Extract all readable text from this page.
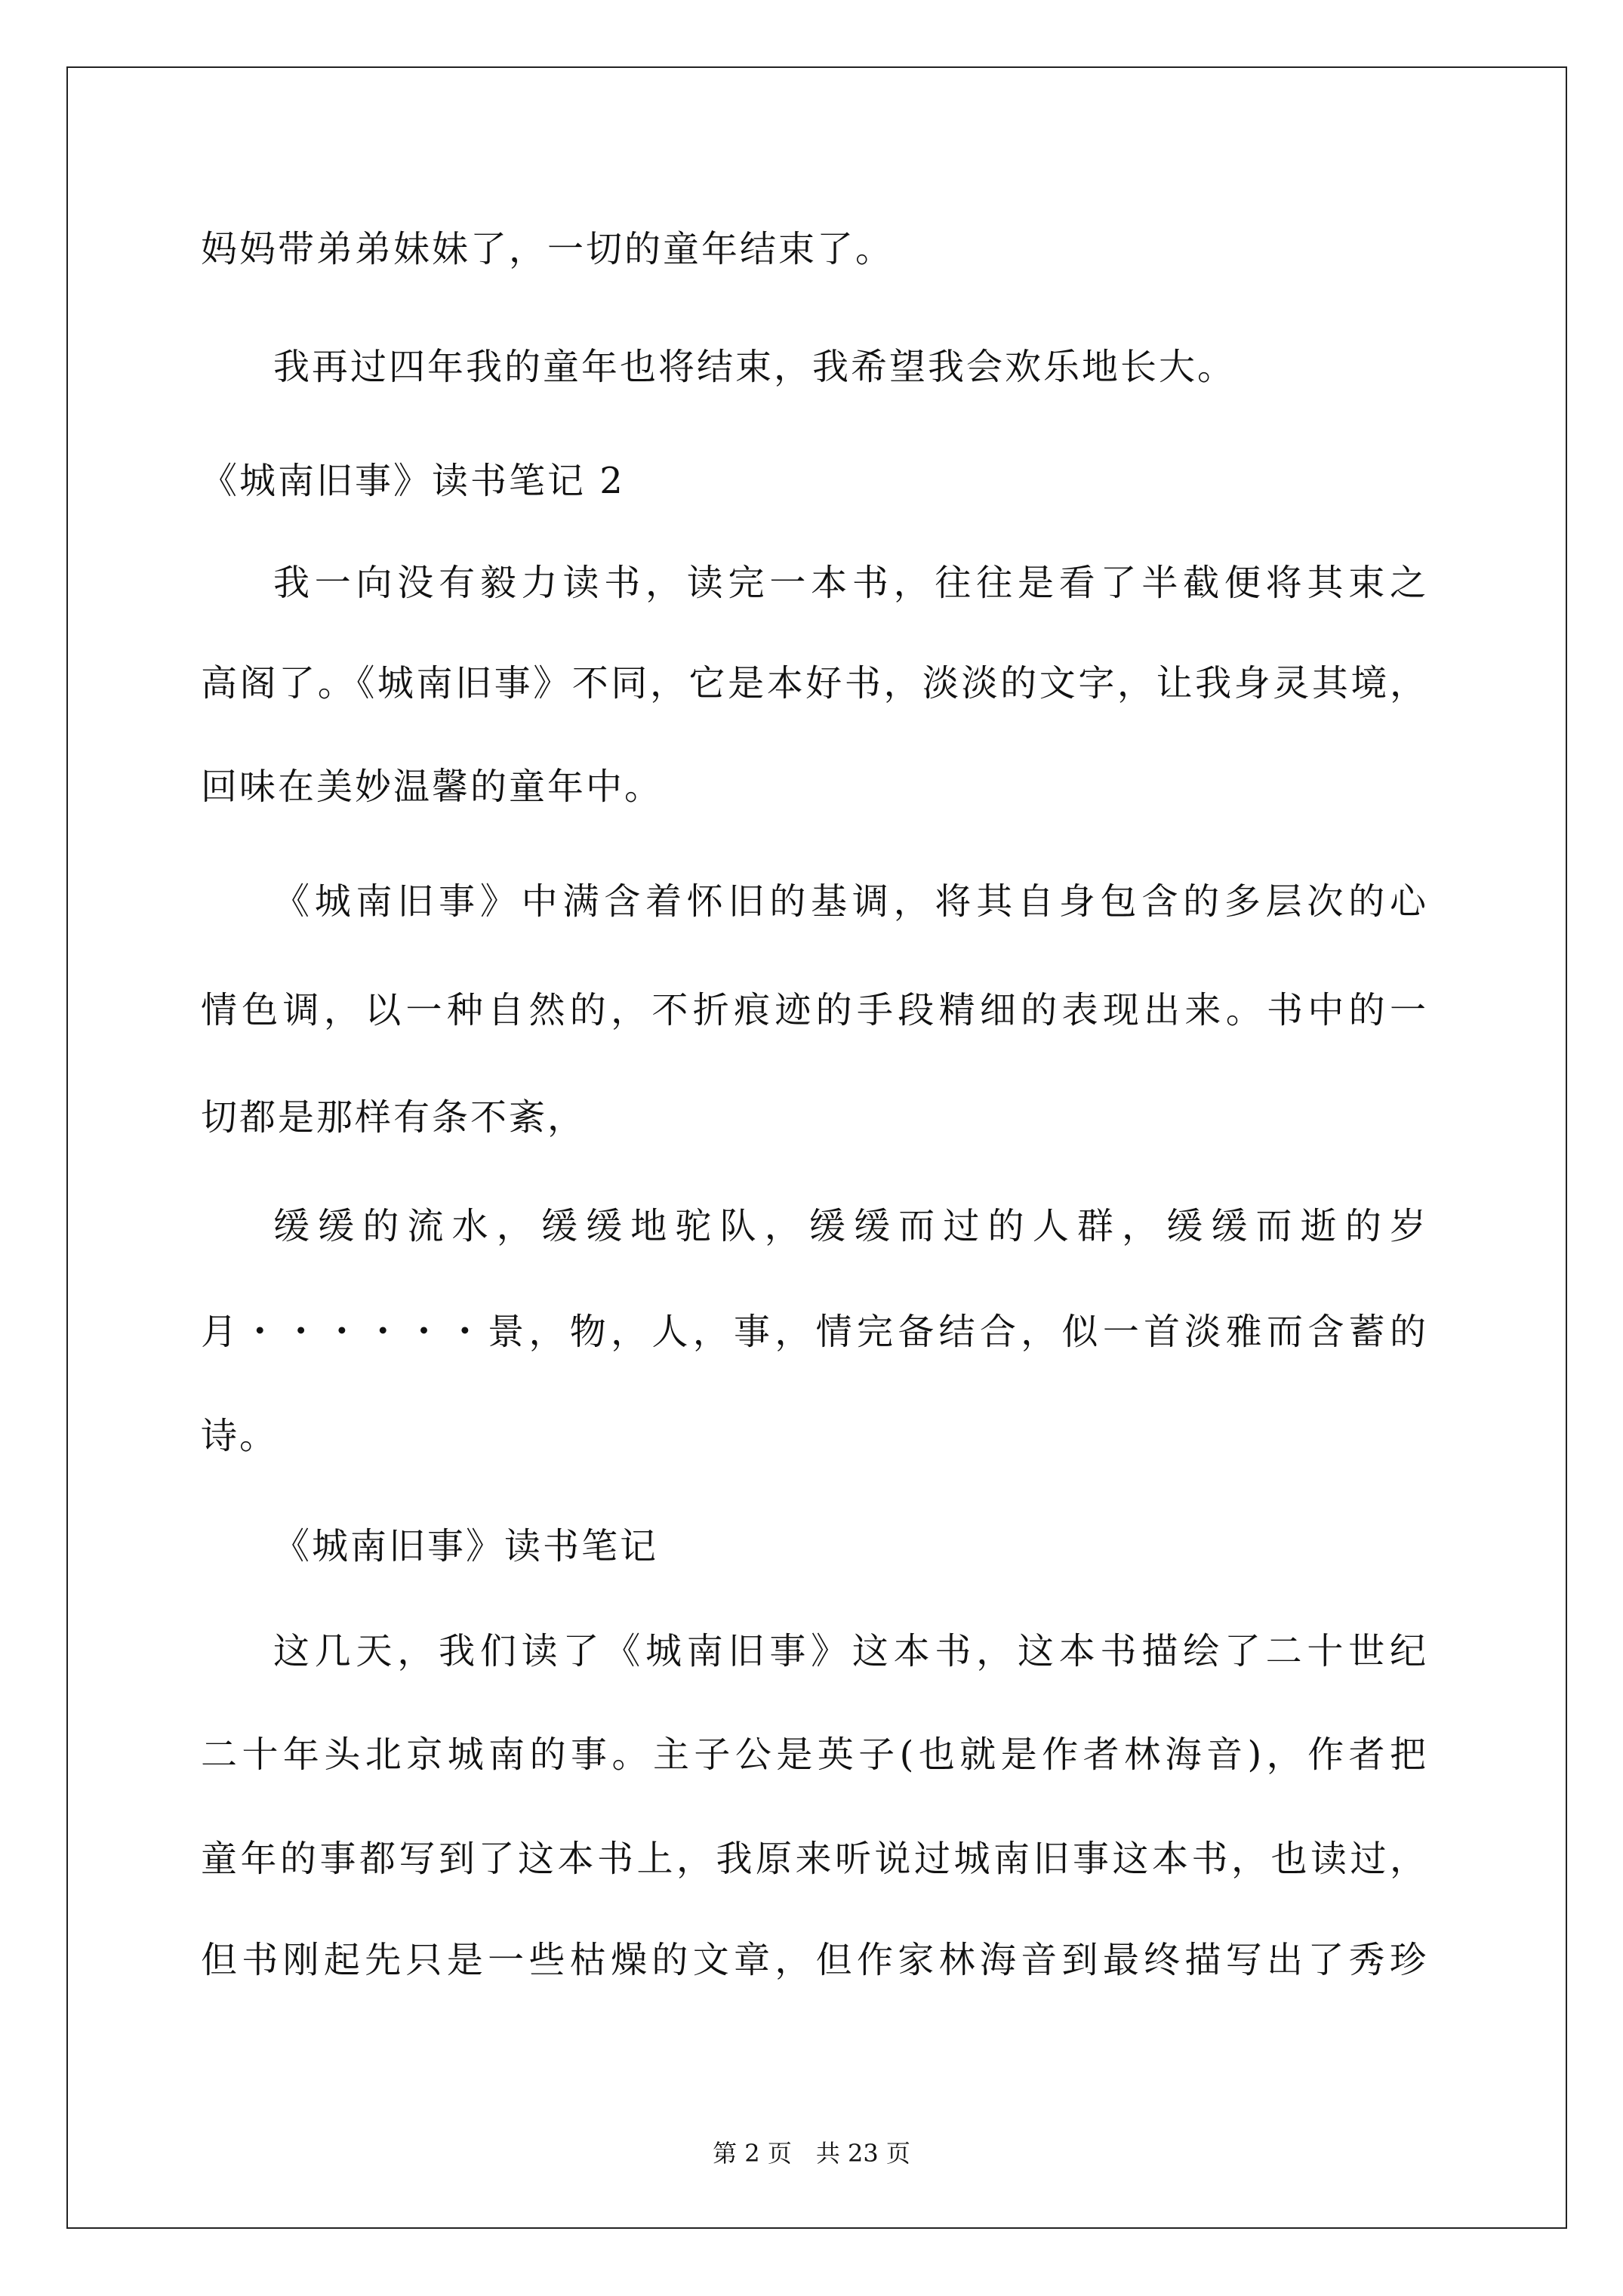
妈妈带弟弟妹妹了，一切的童年结束了。

我再过四年我的童年也将结束，我希望我会欢乐地长大。

《城南旧事》读书笔记 2

我一向没有毅力读书，读完一本书，往往是看了半截便将其束之

高阁了。《城南旧事》不同，它是本好书，淡淡的文字，让我身灵其境，

回味在美妙温馨的童年中。

《城南旧事》中满含着怀旧的基调，将其自身包含的多层次的心

情色调，以一种自然的，不折痕迹的手段精细的表现出来。书中的一

切都是那样有条不紊，

缓缓的流水，缓缓地驼队，缓缓而过的人群，缓缓而逝的岁

月・・・・・・景，物，人，事，情完备结合，似一首淡雅而含蓄的

诗。

《城南旧事》读书笔记

这几天，我们读了《城南旧事》这本书，这本书描绘了二十世纪

二十年头北京城南的事。主子公是英子(也就是作者林海音)，作者把

童年的事都写到了这本书上，我原来听说过城南旧事这本书，也读过，

但书刚起先只是一些枯燥的文章，但作家林海音到最终描写出了秀珍

第 2 页　共 23 页
